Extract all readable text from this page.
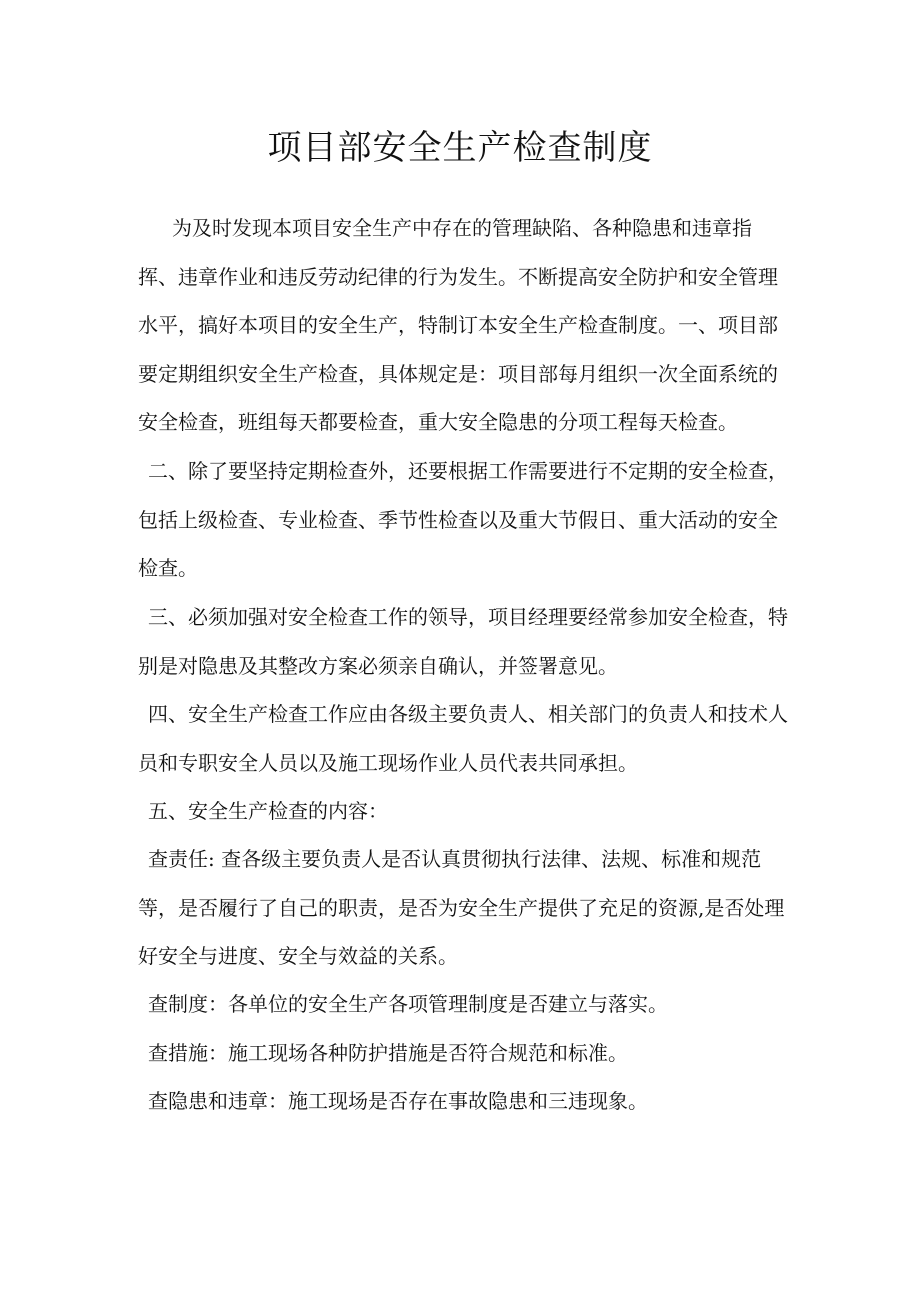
项目部安全生产检查制度

为及时发现本项目安全生产中存在的管理缺陷、各种隐患和违章指挥、违章作业和违反劳动纪律的行为发生。不断提高安全防护和安全管理水平，搞好本项目的安全生产，特制订本安全生产检查制度。一、项目部要定期组织安全生产检查，具体规定是：项目部每月组织一次全面系统的安全检查，班组每天都要检查，重大安全隐患的分项工程每天检查。

二、除了要坚持定期检查外，还要根据工作需要进行不定期的安全检查，包括上级检查、专业检查、季节性检查以及重大节假日、重大活动的安全检查。

三、必须加强对安全检查工作的领导，项目经理要经常参加安全检查，特别是对隐患及其整改方案必须亲自确认，并签署意见。

四、安全生产检查工作应由各级主要负责人、相关部门的负责人和技术人员和专职安全人员以及施工现场作业人员代表共同承担。

五、安全生产检查的内容：

查责任: 查各级主要负责人是否认真贯彻执行法律、法规、标准和规范等，是否履行了自己的职责，是否为安全生产提供了充足的资源,是否处理好安全与进度、安全与效益的关系。

查制度：各单位的安全生产各项管理制度是否建立与落实。

查措施：施工现场各种防护措施是否符合规范和标准。

查隐患和违章：施工现场是否存在事故隐患和三违现象。
